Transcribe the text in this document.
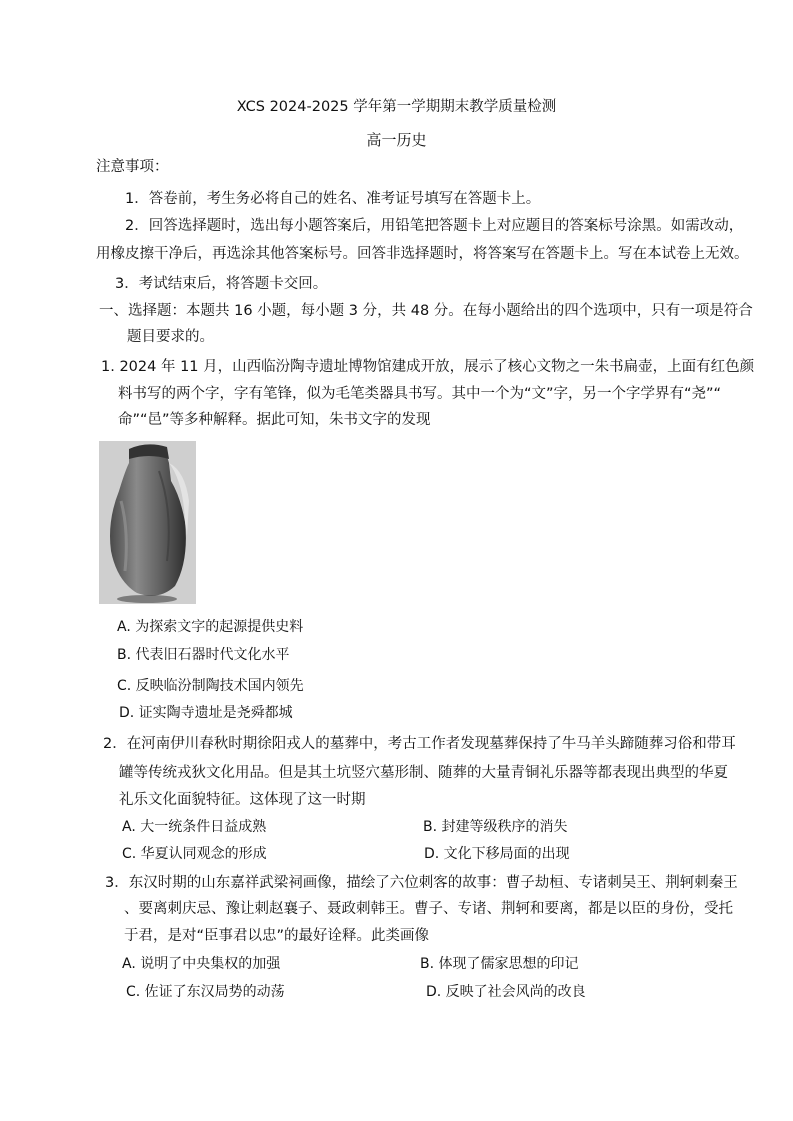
XCS 2024-2025 学年第一学期期末教学质量检测
高一历史
注意事项：
1．答卷前，考生务必将自己的姓名、准考证号填写在答题卡上。
2．回答选择题时，选出每小题答案后，用铅笔把答题卡上对应题目的答案标号涂黑。如需改动，
用橡皮擦干净后，再选涂其他答案标号。回答非选择题时，将答案写在答题卡上。写在本试卷上无效。
3．考试结束后，将答题卡交回。
一、选择题：本题共 16 小题，每小题 3 分，共 48 分。在每小题给出的四个选项中，只有一项是符合
题目要求的。
1. 2024 年 11 月，山西临汾陶寺遗址博物馆建成开放，展示了核心文物之一朱书扁壶，上面有红色颜
料书写的两个字，字有笔锋，似为毛笔类器具书写。其中一个为“文”字，另一个字学界有“尧”“
命”“邑”等多种解释。据此可知，朱书文字的发现
A. 为探索文字的起源提供史料
B. 代表旧石器时代文化水平
C. 反映临汾制陶技术国内领先
D. 证实陶寺遗址是尧舜都城
2．在河南伊川春秋时期徐阳戎人的墓葬中，考古工作者发现墓葬保持了牛马羊头蹄随葬习俗和带耳
罐等传统戎狄文化用品。但是其土坑竖穴墓形制、随葬的大量青铜礼乐器等都表现出典型的华夏
礼乐文化面貌特征。这体现了这一时期
A. 大一统条件日益成熟	B. 封建等级秩序的消失
C. 华夏认同观念的形成	D. 文化下移局面的出现
3．东汉时期的山东嘉祥武梁祠画像，描绘了六位刺客的故事：曹子劫桓、专诸刺吴王、荆轲刺秦王
、要离刺庆忌、豫让刺赵襄子、聂政刺韩王。曹子、专诸、荆轲和要离，都是以臣的身份，受托
于君，是对“臣事君以忠”的最好诠释。此类画像
A. 说明了中央集权的加强	B. 体现了儒家思想的印记
C. 佐证了东汉局势的动荡	D. 反映了社会风尚的改良
